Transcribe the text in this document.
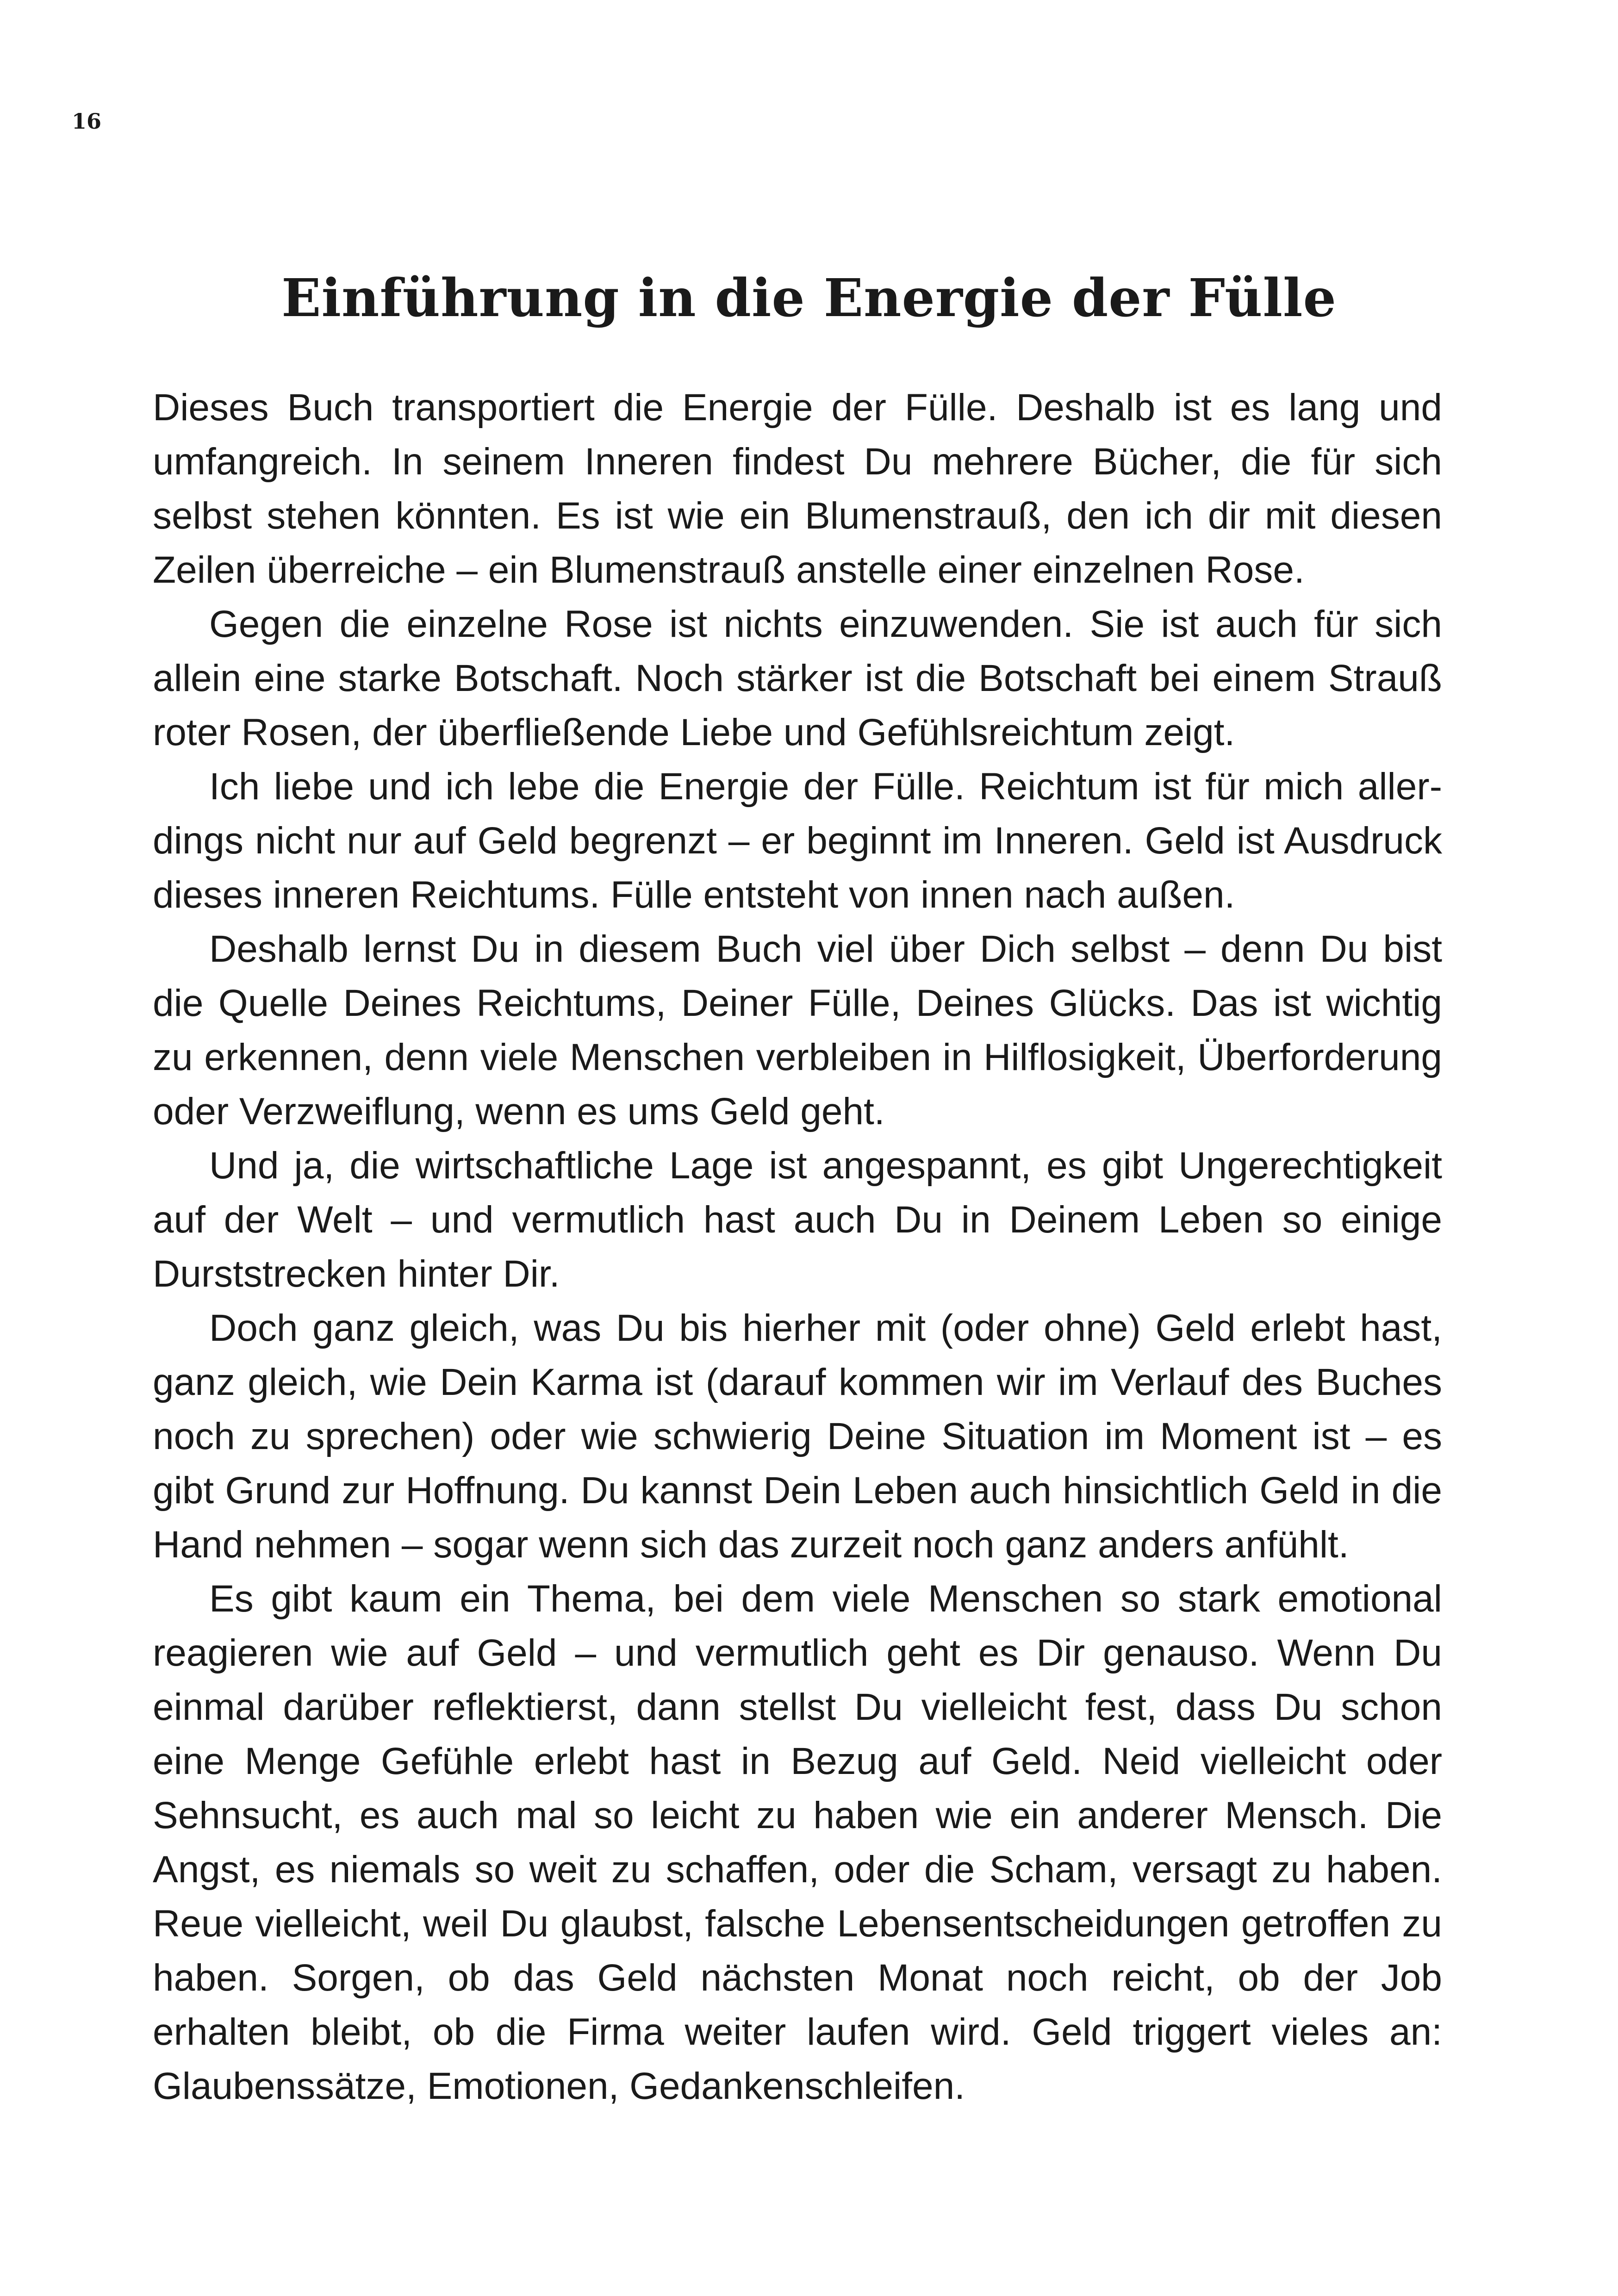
16
Einführung in die Energie der Fülle

Dieses Buch transportiert die Energie der Fülle. Deshalb ist es lang und umfangreich. In seinem Inneren findest Du mehrere Bücher, die für sich selbst stehen könnten. Es ist wie ein Blumenstrauß, den ich dir mit diesen Zeilen überreiche – ein Blumenstrauß anstelle einer einzelnen Rose.

Gegen die einzelne Rose ist nichts einzuwenden. Sie ist auch für sich allein eine starke Botschaft. Noch stärker ist die Botschaft bei einem Strauß roter Rosen, der überfließende Liebe und Gefühlsreichtum zeigt.

Ich liebe und ich lebe die Energie der Fülle. Reichtum ist für mich allerdings nicht nur auf Geld begrenzt – er beginnt im Inneren. Geld ist Ausdruck dieses inneren Reichtums. Fülle entsteht von innen nach außen.

Deshalb lernst Du in diesem Buch viel über Dich selbst – denn Du bist die Quelle Deines Reichtums, Deiner Fülle, Deines Glücks. Das ist wichtig zu erkennen, denn viele Menschen verbleiben in Hilflosigkeit, Überforderung oder Verzweiflung, wenn es ums Geld geht.

Und ja, die wirtschaftliche Lage ist angespannt, es gibt Ungerechtigkeit auf der Welt – und vermutlich hast auch Du in Deinem Leben so einige Durststrecken hinter Dir.

Doch ganz gleich, was Du bis hierher mit (oder ohne) Geld erlebt hast, ganz gleich, wie Dein Karma ist (darauf kommen wir im Verlauf des Buches noch zu sprechen) oder wie schwierig Deine Situation im Moment ist – es gibt Grund zur Hoffnung. Du kannst Dein Leben auch hinsichtlich Geld in die Hand nehmen – sogar wenn sich das zurzeit noch ganz anders anfühlt.

Es gibt kaum ein Thema, bei dem viele Menschen so stark emotional reagieren wie auf Geld – und vermutlich geht es Dir genauso. Wenn Du einmal darüber reflektierst, dann stellst Du vielleicht fest, dass Du schon eine Menge Gefühle erlebt hast in Bezug auf Geld. Neid vielleicht oder Sehnsucht, es auch mal so leicht zu haben wie ein anderer Mensch. Die Angst, es niemals so weit zu schaffen, oder die Scham, versagt zu haben. Reue vielleicht, weil Du glaubst, falsche Lebensentscheidungen getroffen zu haben. Sorgen, ob das Geld nächsten Monat noch reicht, ob der Job erhalten bleibt, ob die Firma weiter laufen wird. Geld triggert vieles an: Glaubenssätze, Emotionen, Gedankenschleifen.
